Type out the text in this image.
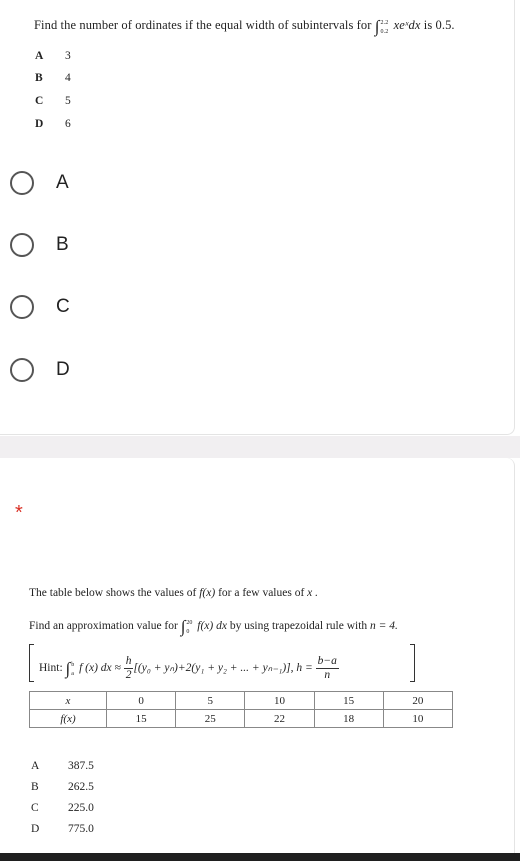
Find the number of ordinates if the equal width of subintervals for ∫ 2.2
0.2 xeˣdx is 0.5.
A 3
B 4
C 5
D 6
A
B
C
D
*
The table below shows the values of f(x) for a few values of x .
Find an approximation value for ∫ 20
0 f(x) dx by using trapezoidal rule with n = 4.
Hint: ∫ b
a f (x) dx ≈ $\frac{h}{2} [(y_0 + y_n)+2(y_1 + y_2$ + ... + yₙ₋₁)], $h = \frac{b-a}{n}$
x	0	5	10	15	20
f(x)	15	25	22	18	10
A 387.5
B	262.5
C	225.0
D 775.0
